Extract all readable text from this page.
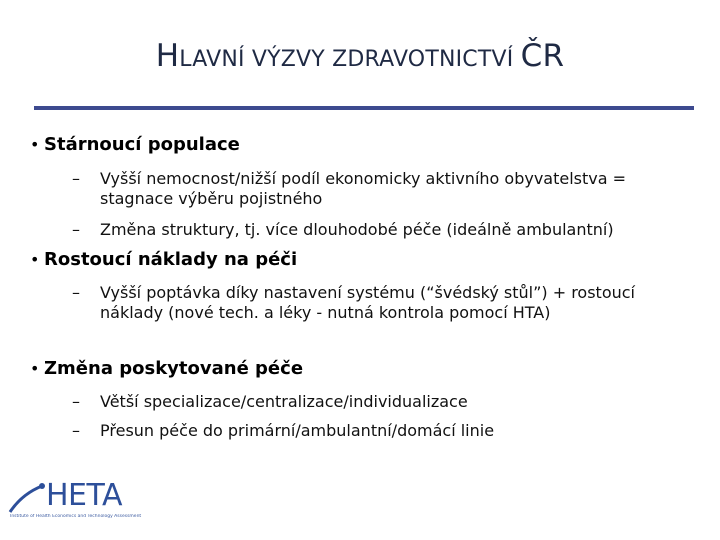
HLAVNÍ VÝZVY ZDRAVOTNICTVÍ ČR
• Stárnoucí populace
– Vyšší nemocnost/nižší podíl ekonomicky aktivního obyvatelstva = stagnace výběru pojistného
– Změna struktury, tj. více dlouhodobé péče (ideálně ambulantní)
• Rostoucí náklady na péči
– Vyšší poptávka díky nastavení systému (“švédský stůl”) + rostoucí náklady (nové tech. a léky - nutná kontrola pomocí HTA)
• Změna poskytované péče
– Větší specializace/centralizace/individualizace
– Přesun péče do primární/ambulantní/domácí linie
HETA
Institute of Health Economics and Technology Assessment
